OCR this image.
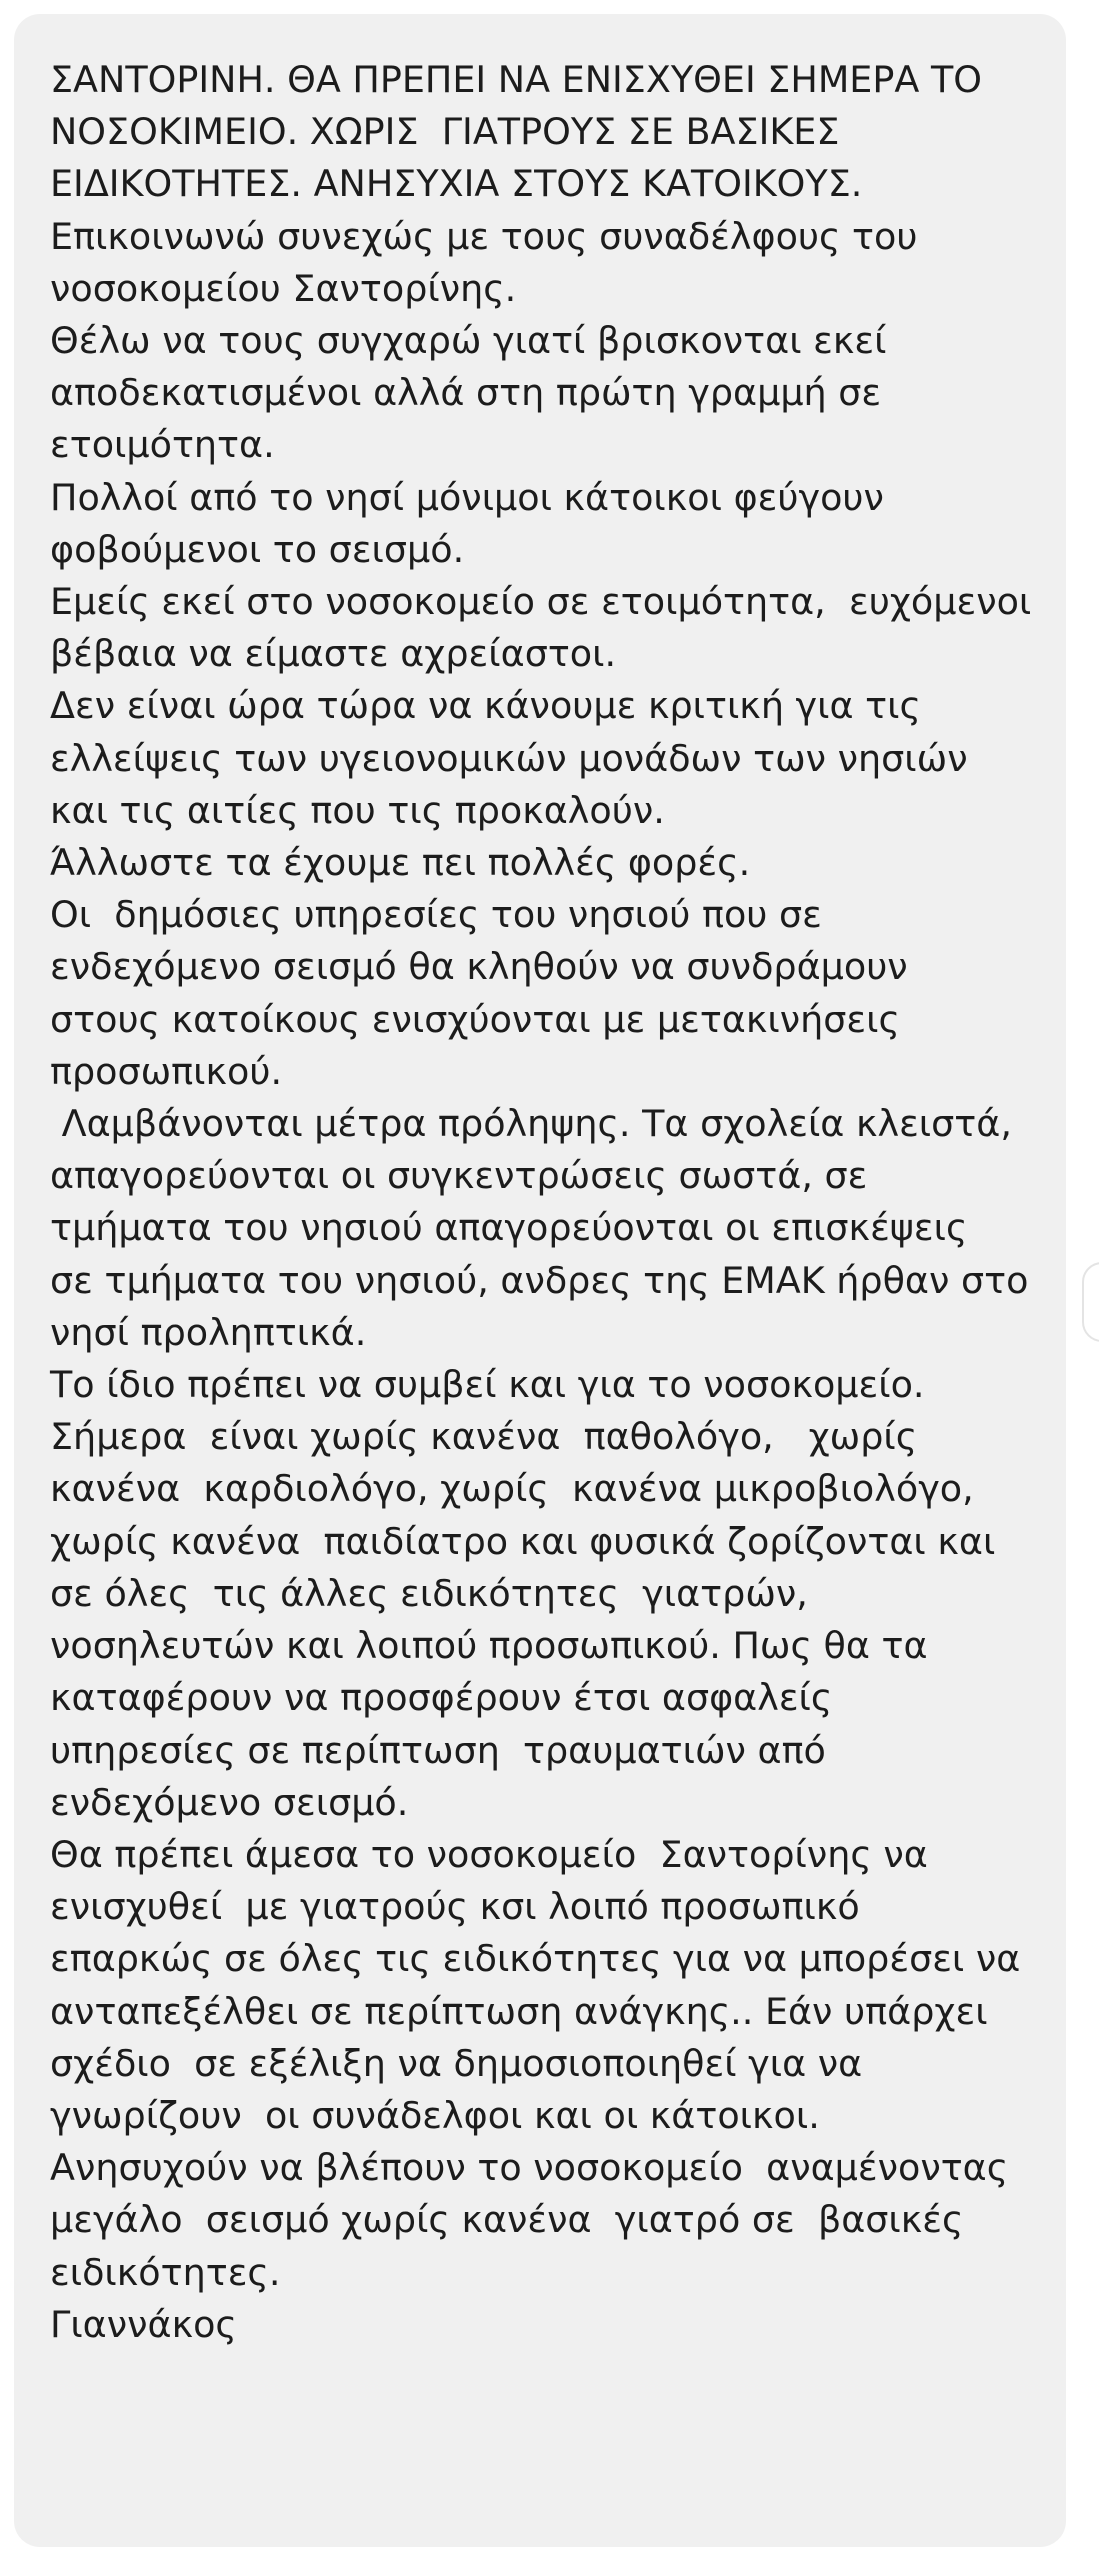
ΣΑΝΤΟΡΙΝΗ. ΘΑ ΠΡΕΠΕΙ ΝΑ ΕΝΙΣΧΥΘΕΙ ΣΗΜΕΡΑ ΤΟ
ΝΟΣΟΚΙΜΕΙΟ. ΧΩΡΙΣ  ΓΙΑΤΡΟΥΣ ΣΕ ΒΑΣΙΚΕΣ
ΕΙΔΙΚΟΤΗΤΕΣ. ΑΝΗΣΥΧΙΑ ΣΤΟΥΣ ΚΑΤΟΙΚΟΥΣ.
Επικοινωνώ συνεχώς με τους συναδέλφους του
νοσοκομείου Σαντορίνης.
Θέλω να τους συγχαρώ γιατί βρισκονται εκεί
αποδεκατισμένοι αλλά στη πρώτη γραμμή σε
ετοιμότητα.
Πολλοί από το νησί μόνιμοι κάτοικοι φεύγουν
φοβούμενοι το σεισμό.
Εμείς εκεί στο νοσοκομείο σε ετοιμότητα,  ευχόμενοι
βέβαια να είμαστε αχρείαστοι.
Δεν είναι ώρα τώρα να κάνουμε κριτική για τις
ελλείψεις των υγειονομικών μονάδων των νησιών
και τις αιτίες που τις προκαλούν.
Άλλωστε τα έχουμε πει πολλές φορές.
Οι  δημόσιες υπηρεσίες του νησιού που σε
ενδεχόμενο σεισμό θα κληθούν να συνδράμουν
στους κατοίκους ενισχύονται με μετακινήσεις
προσωπικού.
Λαμβάνονται μέτρα πρόληψης. Τα σχολεία κλειστά,
απαγορεύονται οι συγκεντρώσεις σωστά, σε
τμήματα του νησιού απαγορεύονται οι επισκέψεις
σε τμήματα του νησιού, ανδρες της ΕΜΑΚ ήρθαν στο
νησί προληπτικά.
Το ίδιο πρέπει να συμβεί και για το νοσοκομείο.
Σήμερα  είναι χωρίς κανένα  παθολόγο,   χωρίς
κανένα  καρδιολόγο, χωρίς  κανένα μικροβιολόγο,
χωρίς κανένα  παιδίατρο και φυσικά ζορίζονται και
σε όλες  τις άλλες ειδικότητες  γιατρών,
νοσηλευτών και λοιπού προσωπικού. Πως θα τα
καταφέρουν να προσφέρουν έτσι ασφαλείς
υπηρεσίες σε περίπτωση  τραυματιών από
ενδεχόμενο σεισμό.
Θα πρέπει άμεσα το νοσοκομείο  Σαντορίνης να
ενισχυθεί  με γιατρούς κσι λοιπό προσωπικό
επαρκώς σε όλες τις ειδικότητες για να μπορέσει να
ανταπεξέλθει σε περίπτωση ανάγκης.. Εάν υπάρχει
σχέδιο  σε εξέλιξη να δημοσιοποιηθεί για να
γνωρίζουν  οι συνάδελφοι και οι κάτοικοι.
Ανησυχούν να βλέπουν το νοσοκομείο  αναμένοντας
μεγάλο  σεισμό χωρίς κανένα  γιατρό σε  βασικές
ειδικότητες.
Γιαννάκος
